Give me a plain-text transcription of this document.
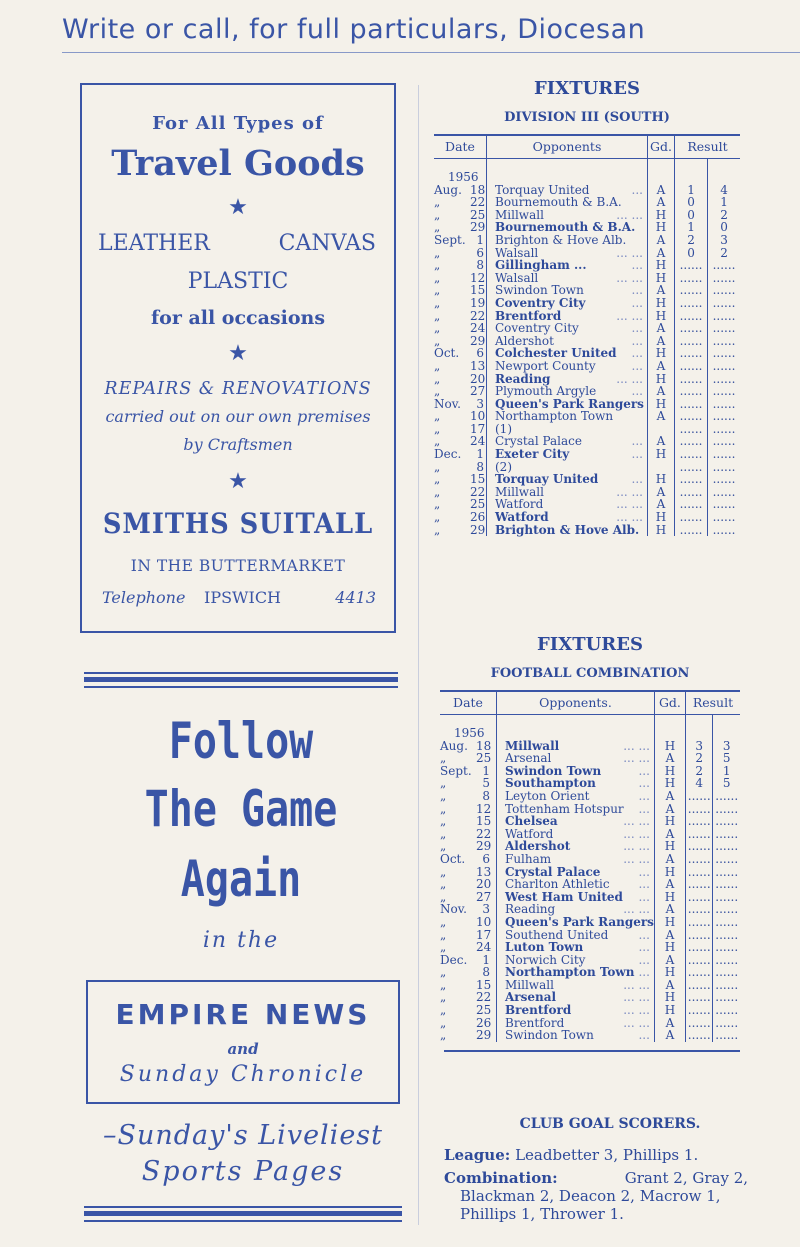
Write or call, for full particulars, Diocesan
For All Types of
Travel Goods
★
LEATHER	CANVAS
PLASTIC
for all occasions
★
REPAIRS & RENOVATIONS
carried out on our own premises
by Craftsmen
★
SMITHS SUITALL
IN THE BUTTERMARKET
Telephone IPSWICH	4413
Follow
The Game
Again
in the
EMPIRE NEWS
and
Sunday Chronicle
–Sunday's Liveliest
Sports Pages
FIXTURES
DIVISION III (SOUTH)
Date	Opponents	Gd.	Result	
1956				
Aug. 18	Torquay United ...	A	1	4
„ 22	Bournemouth & B.A.	A	0	1
„ 25	Millwall ... ...	H	0	2
„ 29	Bournemouth & B.A.	H	1	0
Sept. 1	Brighton & Hove Alb.	A	2	3
„ 6	Walsall ... ...	A	0	2
„ 8	Gillingham ... ...	H	......	......
„ 12	Walsall ... ...	H	......	......
„ 15	Swindon Town ...	A	......	......
„ 19	Coventry City ...	H	......	......
„ 22	Brentford ... ...	H	......	......
„ 24	Coventry City ...	A	......	......
„ 29	Aldershot ...	A	......	......
Oct. 6	Colchester United ...	H	......	......
„ 13	Newport County ...	A	......	......
„ 20	Reading ... ...	H	......	......
„ 27	Plymouth Argyle ...	A	......	......
Nov. 3	Queen's Park Rangers	H	......	......
„ 10	Northampton Town	A	......	......
„ 17	(1)		......	......
„ 24	Crystal Palace ...	A	......	......
Dec. 1	Exeter City ...	H	......	......
„ 8	(2)		......	......
„ 15	Torquay United ...	H	......	......
„ 22	Millwall ... ...	A	......	......
„ 25	Watford ... ...	A	......	......
„ 26	Watford ... ...	H	......	......
„ 29	Brighton & Hove Alb.	H	......	......
FIXTURES
FOOTBALL COMBINATION
Date	Opponents.	Gd.	Result	
1956				
Aug. 18	Millwall ... ...	H	3	3
„ 25	Arsenal ... ...	A	2	5
Sept. 1	Swindon Town ...	H	2	1
„ 5	Southampton ...	H	4	5
„ 8	Leyton Orient ...	A	......	......
„ 12	Tottenham Hotspur ...	A	......	......
„ 15	Chelsea ... ...	H	......	......
„ 22	Watford ... ...	A	......	......
„ 29	Aldershot ... ...	H	......	......
Oct. 6	Fulham ... ...	A	......	......
„ 13	Crystal Palace ...	H	......	......
„ 20	Charlton Athletic ...	A	......	......
„ 27	West Ham United ...	H	......	......
Nov. 3	Reading ... ...	A	......	......
„ 10	Queen's Park Rangers	H	......	......
„ 17	Southend United ...	A	......	......
„ 24	Luton Town ...	H	......	......
Dec. 1	Norwich City ...	A	......	......
„ 8	Northampton Town ...	H	......	......
„ 15	Millwall ... ...	A	......	......
„ 22	Arsenal ... ...	H	......	......
„ 25	Brentford ... ...	H	......	......
„ 26	Brentford ... ...	A	......	......
„ 29	Swindon Town ...	A	......	......
CLUB GOAL SCORERS.
League: Leadbetter 3, Phillips 1.
Combination:	Grant 2, Gray 2,
Blackman 2, Deacon 2, Macrow 1,
Phillips 1, Thrower 1.
